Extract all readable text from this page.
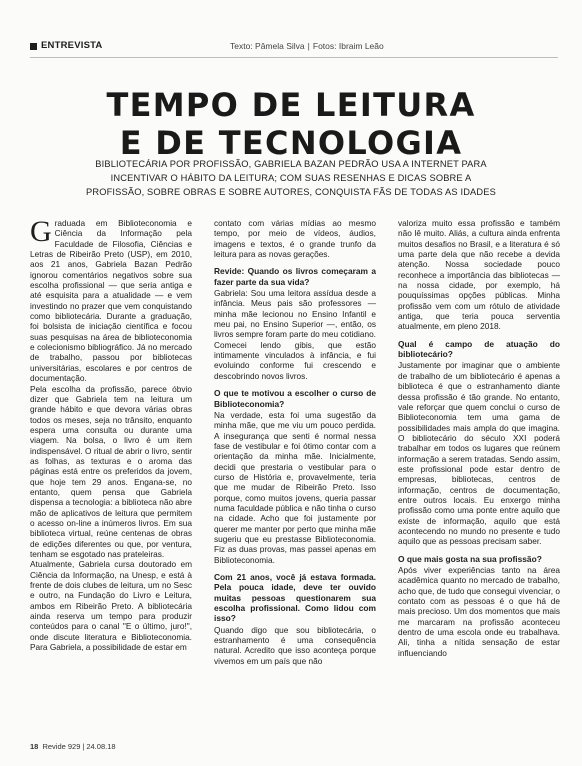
ENTREVISTA	Texto: Pâmela Silva | Fotos: Ibraim Leão
TEMPO DE LEITURA
E DE TECNOLOGIA
BIBLIOTECÁRIA POR PROFISSÃO, GABRIELA BAZAN PEDRÃO USA A INTERNET PARA INCENTIVAR O HÁBITO DA LEITURA; COM SUAS RESENHAS E DICAS SOBRE A PROFISSÃO, SOBRE OBRAS E SOBRE AUTORES, CONQUISTA FÃS DE TODAS AS IDADES

Graduada em Biblioteconomia e Ciência da Informação pela Faculdade de Filosofia, Ciências e Letras de Ribeirão Preto (USP), em 2010, aos 21 anos, Gabriela Bazan Pedrão ignorou comentários negativos sobre sua escolha profissional — que seria antiga e até esquisita para a atualidade — e vem investindo no prazer que vem conquistando como bibliotecária. Durante a graduação, foi bolsista de iniciação científica e focou suas pesquisas na área de biblioteconomia e colecionismo bibliográfico. Já no mercado de trabalho, passou por bibliotecas universitárias, escolares e por centros de documentação.

Pela escolha da profissão, parece óbvio dizer que Gabriela tem na leitura um grande hábito e que devora várias obras todos os meses, seja no trânsito, enquanto espera uma consulta ou durante uma viagem. Na bolsa, o livro é um item indispensável. O ritual de abrir o livro, sentir as folhas, as texturas e o aroma das páginas está entre os preferidos da jovem, que hoje tem 29 anos. Engana-se, no entanto, quem pensa que Gabriela dispensa a tecnologia: a biblioteca não abre mão de aplicativos de leitura que permitem o acesso on-line a inúmeros livros. Em sua biblioteca virtual, reúne centenas de obras de edições diferentes ou que, por ventura, tenham se esgotado nas prateleiras.

Atualmente, Gabriela cursa doutorado em Ciência da Informação, na Unesp, e está à frente de dois clubes de leitura, um no Sesc e outro, na Fundação do Livro e Leitura, ambos em Ribeirão Preto. A bibliotecária ainda reserva um tempo para produzir conteúdos para o canal "E o último, juro!", onde discute literatura e Biblioteconomia. Para Gabriela, a possibilidade de estar em

contato com várias mídias ao mesmo tempo, por meio de vídeos, áudios, imagens e textos, é o grande trunfo da leitura para as novas gerações.

Revide: Quando os livros começaram a fazer parte da sua vida?

Gabriela: Sou uma leitora assídua desde a infância. Meus pais são professores — minha mãe lecionou no Ensino Infantil e meu pai, no Ensino Superior —, então, os livros sempre foram parte do meu cotidiano. Comecei lendo gibis, que estão intimamente vinculados à infância, e fui evoluindo conforme fui crescendo e descobrindo novos livros.

O que te motivou a escolher o curso de Biblioteconomia?

Na verdade, esta foi uma sugestão da minha mãe, que me viu um pouco perdida. A insegurança que senti é normal nessa fase de vestibular e foi ótimo contar com a orientação da minha mãe. Inicialmente, decidi que prestaria o vestibular para o curso de História e, provavelmente, teria que me mudar de Ribeirão Preto. Isso porque, como muitos jovens, queria passar numa faculdade pública e não tinha o curso na cidade. Acho que foi justamente por querer me manter por perto que minha mãe sugeriu que eu prestasse Biblioteconomia. Fiz as duas provas, mas passei apenas em Biblioteconomia.

Com 21 anos, você já estava formada. Pela pouca idade, deve ter ouvido muitas pessoas questionarem sua escolha profissional. Como lidou com isso?

Quando digo que sou bibliotecária, o estranhamento é uma consequência natural. Acredito que isso aconteça porque vivemos em um país que não

valoriza muito essa profissão e também não lê muito. Aliás, a cultura ainda enfrenta muitos desafios no Brasil, e a literatura é só uma parte dela que não recebe a devida atenção. Nossa sociedade pouco reconhece a importância das bibliotecas — na nossa cidade, por exemplo, há pouquíssimas opções públicas. Minha profissão vem com um rótulo de atividade antiga, que teria pouca serventia atualmente, em pleno 2018.

Qual é campo de atuação do bibliotecário?

Justamente por imaginar que o ambiente de trabalho de um bibliotecário é apenas a biblioteca é que o estranhamento diante dessa profissão é tão grande. No entanto, vale reforçar que quem conclui o curso de Biblioteconomia tem uma gama de possibilidades mais ampla do que imagina. O bibliotecário do século XXI poderá trabalhar em todos os lugares que reúnem informação a serem tratadas. Sendo assim, este profissional pode estar dentro de empresas, bibliotecas, centros de informação, centros de documentação, entre outros locais. Eu enxergo minha profissão como uma ponte entre aquilo que existe de informação, aquilo que está acontecendo no mundo no presente e tudo aquilo que as pessoas precisam saber.

O que mais gosta na sua profissão?

Após viver experiências tanto na área acadêmica quanto no mercado de trabalho, acho que, de tudo que consegui vivenciar, o contato com as pessoas é o que há de mais precioso. Um dos momentos que mais me marcaram na profissão aconteceu dentro de uma escola onde eu trabalhava. Ali, tinha a nítida sensação de estar influenciando

18 Revide 929 | 24.08.18
